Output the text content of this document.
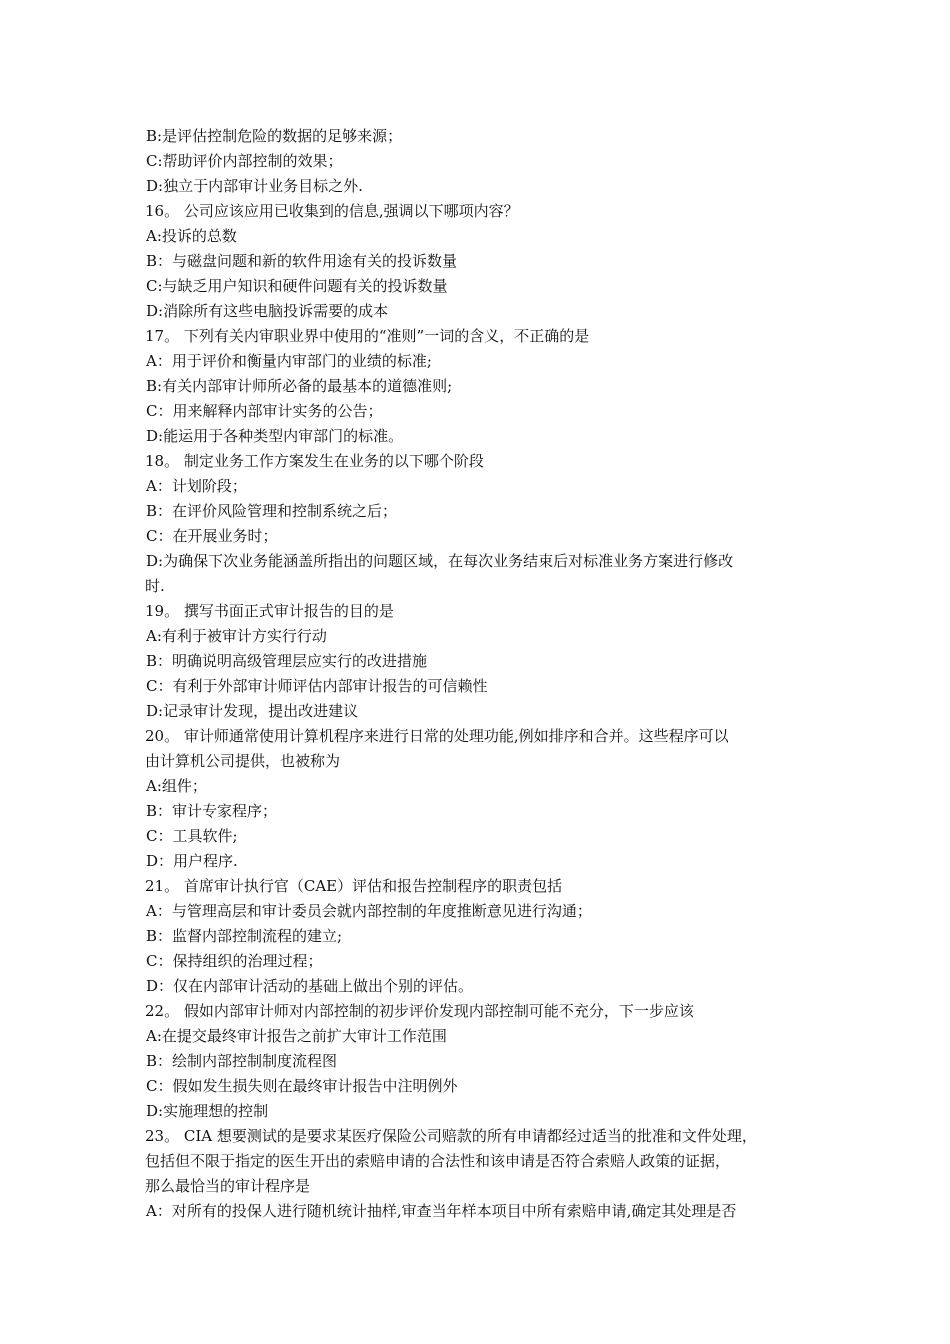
B:是评估控制危险的数据的足够来源；
C:帮助评价内部控制的效果；
D:独立于内部审计业务目标之外.
16。 公司应该应用已收集到的信息,强调以下哪项内容？
A:投诉的总数
B：与磁盘问题和新的软件用途有关的投诉数量
C:与缺乏用户知识和硬件问题有关的投诉数量
D:消除所有这些电脑投诉需要的成本
17。 下列有关内审职业界中使用的“准则”一词的含义，不正确的是
A：用于评价和衡量内审部门的业绩的标准;
B:有关内部审计师所必备的最基本的道德准则;
C：用来解释内部审计实务的公告；
D:能运用于各种类型内审部门的标准。
18。 制定业务工作方案发生在业务的以下哪个阶段
A：计划阶段；
B：在评价风险管理和控制系统之后；
C：在开展业务时；
D:为确保下次业务能涵盖所指出的问题区域，在每次业务结束后对标准业务方案进行修改
时.
19。 撰写书面正式审计报告的目的是
A:有利于被审计方实行行动
B：明确说明高级管理层应实行的改进措施
C：有利于外部审计师评估内部审计报告的可信赖性
D:记录审计发现，提出改进建议
20。 审计师通常使用计算机程序来进行日常的处理功能,例如排序和合并。这些程序可以
由计算机公司提供，也被称为
A:组件；
B：审计专家程序；
C：工具软件;
D：用户程序.
21。 首席审计执行官（CAE）评估和报告控制程序的职责包括
A：与管理高层和审计委员会就内部控制的年度推断意见进行沟通；
B：监督内部控制流程的建立;
C：保持组织的治理过程；
D：仅在内部审计活动的基础上做出个别的评估。
22。 假如内部审计师对内部控制的初步评价发现内部控制可能不充分，下一步应该
A:在提交最终审计报告之前扩大审计工作范围
B：绘制内部控制制度流程图
C：假如发生损失则在最终审计报告中注明例外
D:实施理想的控制
23。 CIA 想要测试的是要求某医疗保险公司赔款的所有申请都经过适当的批准和文件处理，
包括但不限于指定的医生开出的索赔申请的合法性和该申请是否符合索赔人政策的证据，
那么最恰当的审计程序是
A：对所有的投保人进行随机统计抽样,审查当年样本项目中所有索赔申请,确定其处理是否
